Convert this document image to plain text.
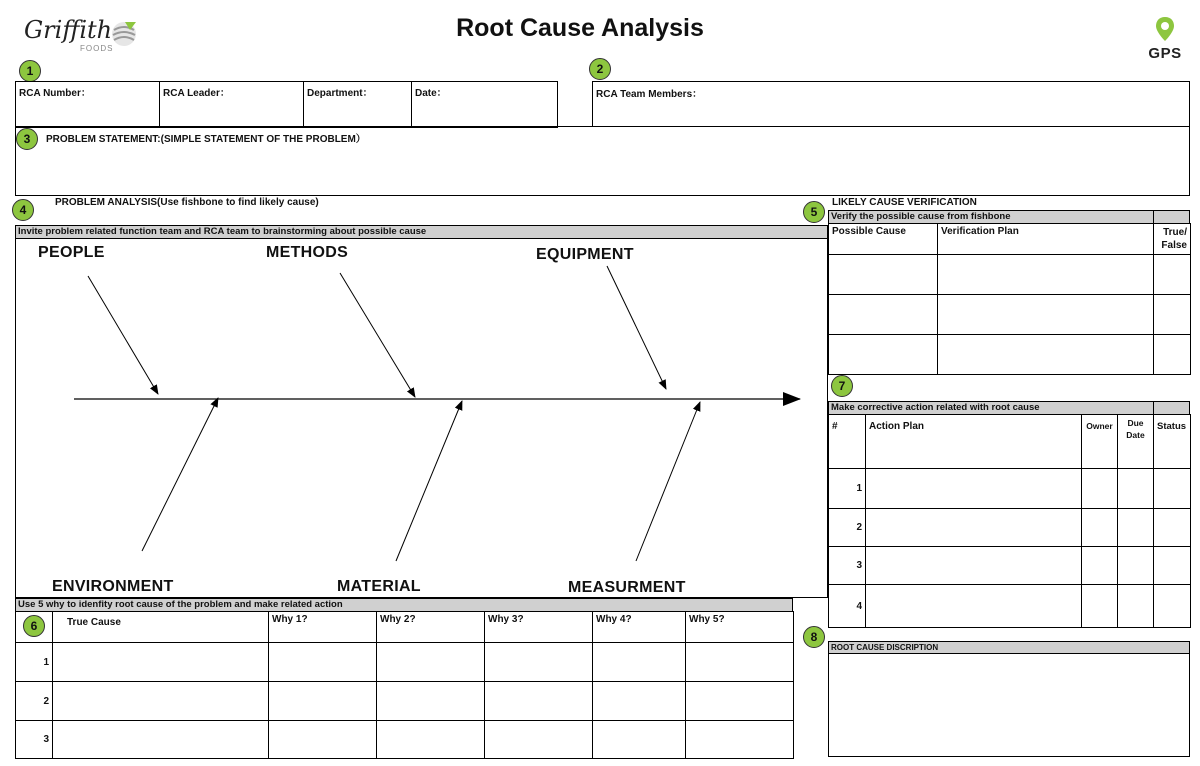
Griffith
FOODS
Root Cause Analysis
GPS
1	2
3
4	5
6
7
8
RCA Number：	RCA Leader：	Department：	Date：	RCA Team Members：
PROBLEM STATEMENT:(SIMPLE STATEMENT OF THE PROBLEM）
PROBLEM ANALYSIS(Use fishbone to find likely cause)
Invite problem related function team and RCA team to brainstorming about possible cause
PEOPLE	METHODS	EQUIPMENT
ENVIRONMENT	MATERIAL	MEASURMENT
LIKELY CAUSE VERIFICATION
Verify the possible cause from fishbone
Possible Cause	Verification Plan	True/ False

Make corrective action related with root cause
#	Action Plan	Owner	Due Date	Status
1				
2				
3				
4				
ROOT CAUSE DISCRIPTION
Use 5 why to idenfity root cause of the problem and make related action
	True Cause	Why 1?	Why 2?	Why 3?	Why 4?	Why 5?
1						
2						
3						
